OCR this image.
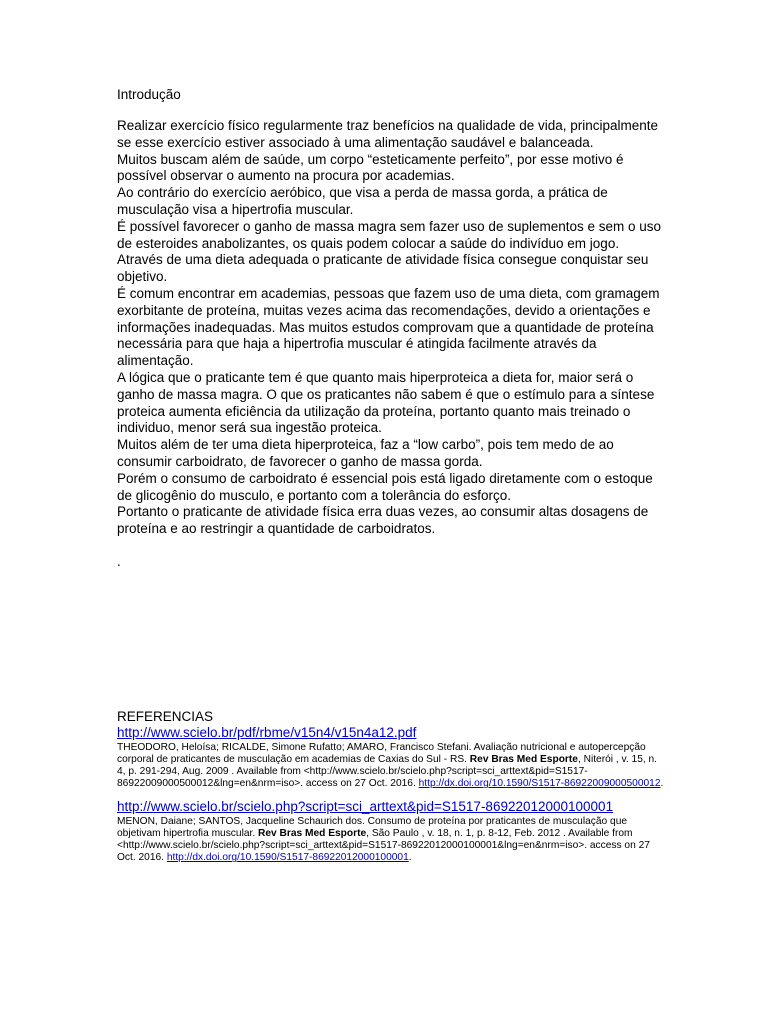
Introdução

Realizar exercício físico regularmente traz benefícios na qualidade de vida, principalmente se esse exercício estiver associado à uma alimentação saudável e balanceada.

Muitos buscam além de saúde, um corpo “esteticamente perfeito”, por esse motivo é possível observar o aumento na procura por academias.

Ao contrário do exercício aeróbico, que visa a perda de massa gorda, a prática de musculação visa a hipertrofia muscular.

É possível favorecer o ganho de massa magra sem fazer uso de suplementos e sem o uso de esteroides anabolizantes, os quais podem colocar a saúde do indivíduo em jogo.

Através de uma dieta adequada o praticante de atividade física consegue conquistar seu objetivo.

É comum encontrar em academias, pessoas que fazem uso de uma dieta, com gramagem exorbitante de proteína, muitas vezes acima das recomendações, devido a orientações e informações inadequadas. Mas muitos estudos comprovam que a quantidade de proteína necessária para que haja a hipertrofia muscular é atingida facilmente através da alimentação.

A lógica que o praticante tem é que quanto mais hiperproteica a dieta for, maior será o ganho de massa magra. O que os praticantes não sabem é que o estímulo para a síntese proteica aumenta eficiência da utilização da proteína, portanto quanto mais treinado o individuo, menor será sua ingestão proteica.

Muitos além de ter uma dieta hiperproteica, faz a “low carbo”, pois tem medo de ao consumir carboidrato, de favorecer o ganho de massa gorda.

Porém o consumo de carboidrato é essencial pois está ligado diretamente com o estoque de glicogênio do musculo, e portanto com a tolerância do esforço.

Portanto o praticante de atividade física erra duas vezes, ao consumir altas dosagens de proteína e ao restringir a quantidade de carboidratos.

.

REFERENCIAS

http://www.scielo.br/pdf/rbme/v15n4/v15n4a12.pdf

THEODORO, Heloísa; RICALDE, Simone Rufatto; AMARO, Francisco Stefani. Avaliação nutricional e autopercepção corporal de praticantes de musculação em academias de Caxias do Sul - RS. Rev Bras Med Esporte, Niterói , v. 15, n. 4, p. 291-294, Aug. 2009 . Available from <http://www.scielo.br/scielo.php?script=sci_arttext&pid=S1517-86922009000500012&lng=en&nrm=iso>. access on 27 Oct. 2016. http://dx.doi.org/10.1590/S1517-86922009000500012.

http://www.scielo.br/scielo.php?script=sci_arttext&pid=S1517-86922012000100001

MENON, Daiane; SANTOS, Jacqueline Schaurich dos. Consumo de proteína por praticantes de musculação que objetivam hipertrofia muscular. Rev Bras Med Esporte, São Paulo , v. 18, n. 1, p. 8-12, Feb. 2012 . Available from <http://www.scielo.br/scielo.php?script=sci_arttext&pid=S1517-86922012000100001&lng=en&nrm=iso>. access on 27 Oct. 2016. http://dx.doi.org/10.1590/S1517-86922012000100001.
